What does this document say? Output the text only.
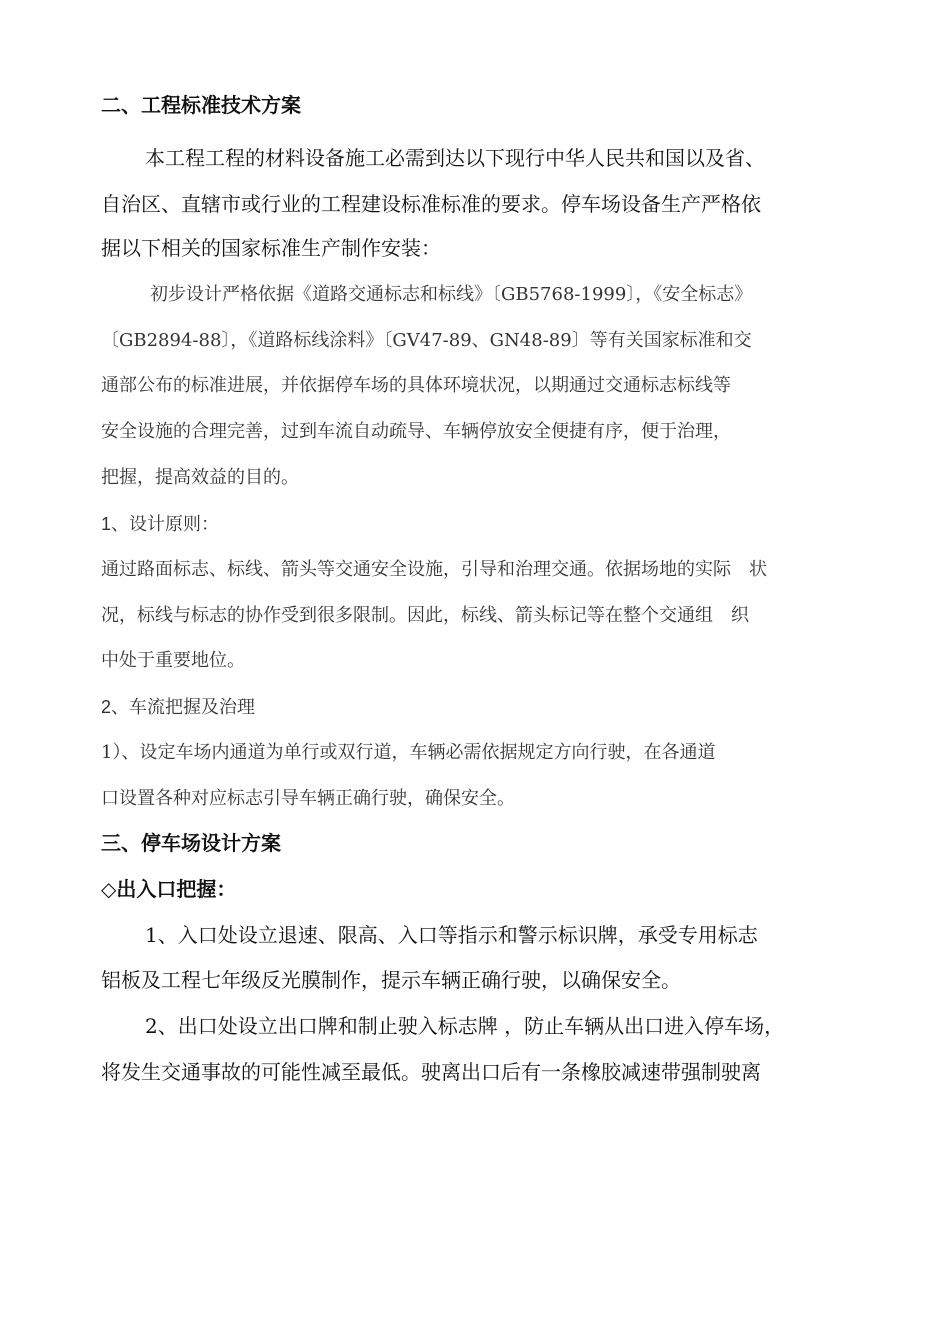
二、工程标准技术方案
本工程工程的材料设备施工必需到达以下现行中华人民共和国以及省、
自治区、直辖市或行业的工程建设标准标准的要求。停车场设备生产严格依
据以下相关的国家标准生产制作安装：
初步设计严格依据《道路交通标志和标线》〔GB5768-1999〕，《安全标志》
〔GB2894-88〕，《道路标线涂料》〔GV47-89、GN48-89〕等有关国家标准和交
通部公布的标准进展，并依据停车场的具体环境状况，以期通过交通标志标线等
安全设施的合理完善，过到车流自动疏导、车辆停放安全便捷有序，便于治理，
把握，提高效益的目的。
1、设计原则：
通过路面标志、标线、箭头等交通安全设施，引导和治理交通。依据场地的实际　状
况，标线与标志的协作受到很多限制。因此，标线、箭头标记等在整个交通组　织
中处于重要地位。
2、车流把握及治理
1）、设定车场内通道为单行或双行道，车辆必需依据规定方向行驶，在各通道
口设置各种对应标志引导车辆正确行驶，确保安全。
三、停车场设计方案
◇出入口把握：
1、入口处设立退速、限高、入口等指示和警示标识牌，承受专用标志
铝板及工程七年级反光膜制作，提示车辆正确行驶，以确保安全。
2、出口处设立出口牌和制止驶入标志牌 ，防止车辆从出口进入停车场，
将发生交通事故的可能性减至最低。驶离出口后有一条橡胶减速带强制驶离
